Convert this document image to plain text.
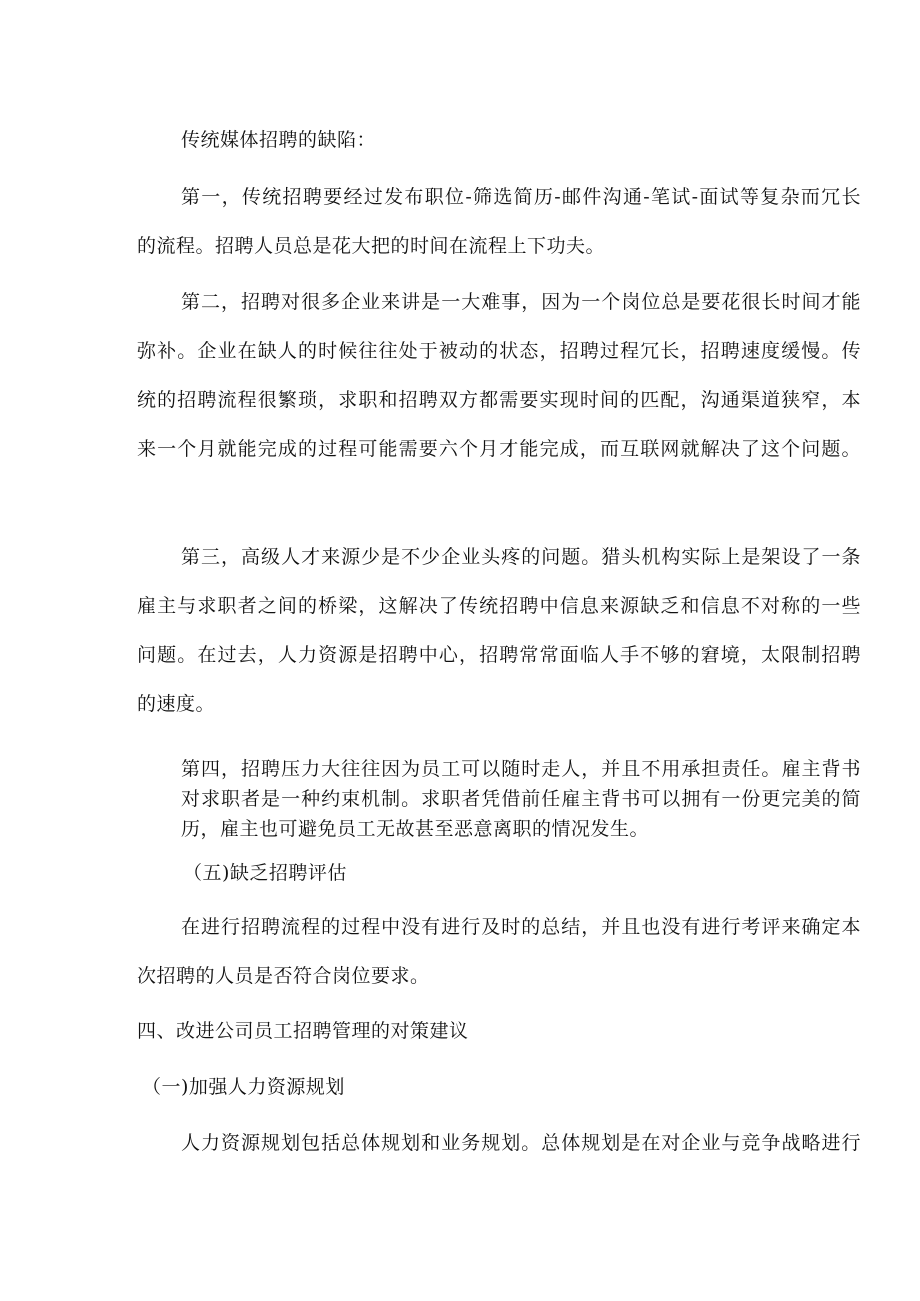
传统媒体招聘的缺陷：

第一，传统招聘要经过发布职位-筛选简历-邮件沟通-笔试-面试等复杂而冗长

的流程。招聘人员总是花大把的时间在流程上下功夫。

第二，招聘对很多企业来讲是一大难事，因为一个岗位总是要花很长时间才能

弥补。企业在缺人的时候往往处于被动的状态，招聘过程冗长，招聘速度缓慢。传

统的招聘流程很繁琐，求职和招聘双方都需要实现时间的匹配，沟通渠道狭窄，本

来一个月就能完成的过程可能需要六个月才能完成，而互联网就解决了这个问题。

第三，高级人才来源少是不少企业头疼的问题。猎头机构实际上是架设了一条

雇主与求职者之间的桥梁，这解决了传统招聘中信息来源缺乏和信息不对称的一些

问题。在过去，人力资源是招聘中心，招聘常常面临人手不够的窘境，太限制招聘

的速度。

第四，招聘压力大往往因为员工可以随时走人，并且不用承担责任。雇主背书

对求职者是一种约束机制。求职者凭借前任雇主背书可以拥有一份更完美的简

历，雇主也可避免员工无故甚至恶意离职的情况发生。

（五)缺乏招聘评估

在进行招聘流程的过程中没有进行及时的总结，并且也没有进行考评来确定本

次招聘的人员是否符合岗位要求。

四、改进公司员工招聘管理的对策建议

（一)加强人力资源规划

人力资源规划包括总体规划和业务规划。总体规划是在对企业与竞争战略进行
